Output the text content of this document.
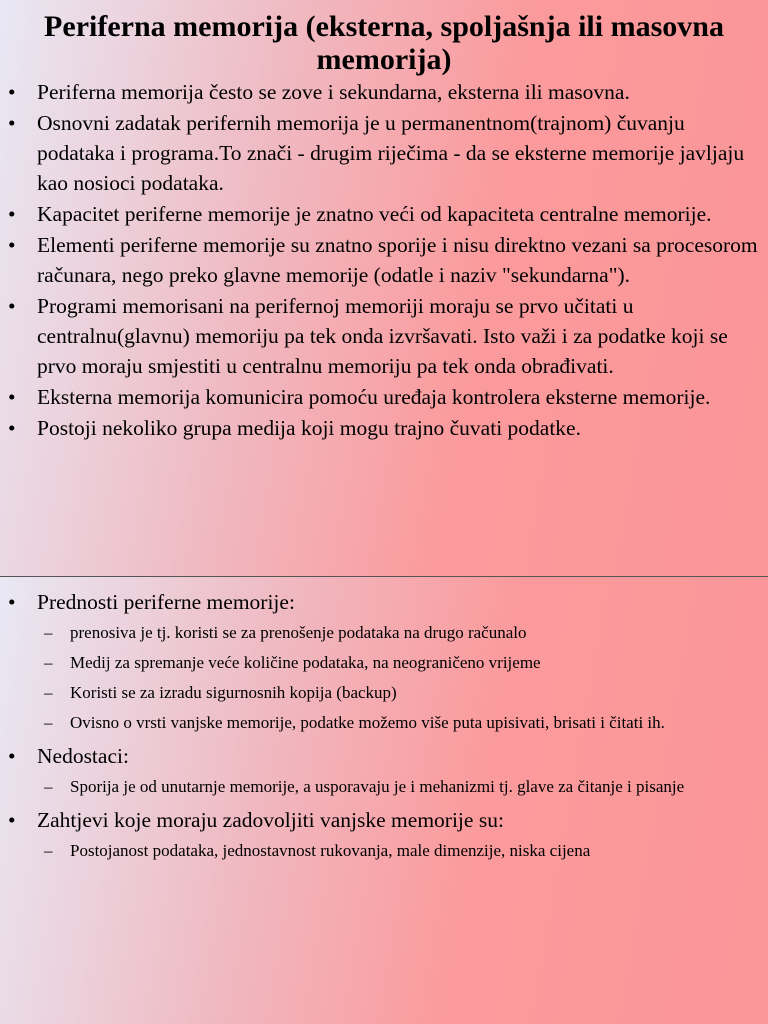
Periferna memorija (eksterna, spoljašnja ili masovna memorija)
• Periferna memorija često se zove i sekundarna, eksterna ili masovna.
• Osnovni zadatak perifernih memorija je u permanentnom(trajnom) čuvanju podataka i programa.To znači - drugim riječima - da se eksterne memorije javljaju kao nosioci podataka.
• Kapacitet periferne memorije je znatno veći od kapaciteta centralne memorije.
• Elementi periferne memorije su znatno sporije i nisu direktno vezani sa procesorom računara, nego preko glavne memorije (odatle i naziv "sekundarna").
• Programi memorisani na perifernoj memoriji moraju se prvo učitati u centralnu(glavnu) memoriju pa tek onda izvršavati. Isto važi i za podatke koji se prvo moraju smjestiti u centralnu memoriju pa tek onda obrađivati.
• Eksterna memorija komunicira pomoću uređaja kontrolera eksterne memorije.
• Postoji nekoliko grupa medija koji mogu trajno čuvati podatke.
• Prednosti periferne memorije:
– prenosiva je tj. koristi se za prenošenje podataka na drugo računalo
– Medij za spremanje veće količine podataka, na neograničeno vrijeme
– Koristi se za izradu sigurnosnih kopija (backup)
– Ovisno o vrsti vanjske memorije, podatke možemo više puta upisivati, brisati i čitati ih.
• Nedostaci:
– Sporija je od unutarnje memorije, a usporavaju je i mehanizmi tj. glave za čitanje i pisanje
• Zahtjevi koje moraju zadovoljiti vanjske memorije su:
– Postojanost podataka, jednostavnost rukovanja, male dimenzije, niska cijena
